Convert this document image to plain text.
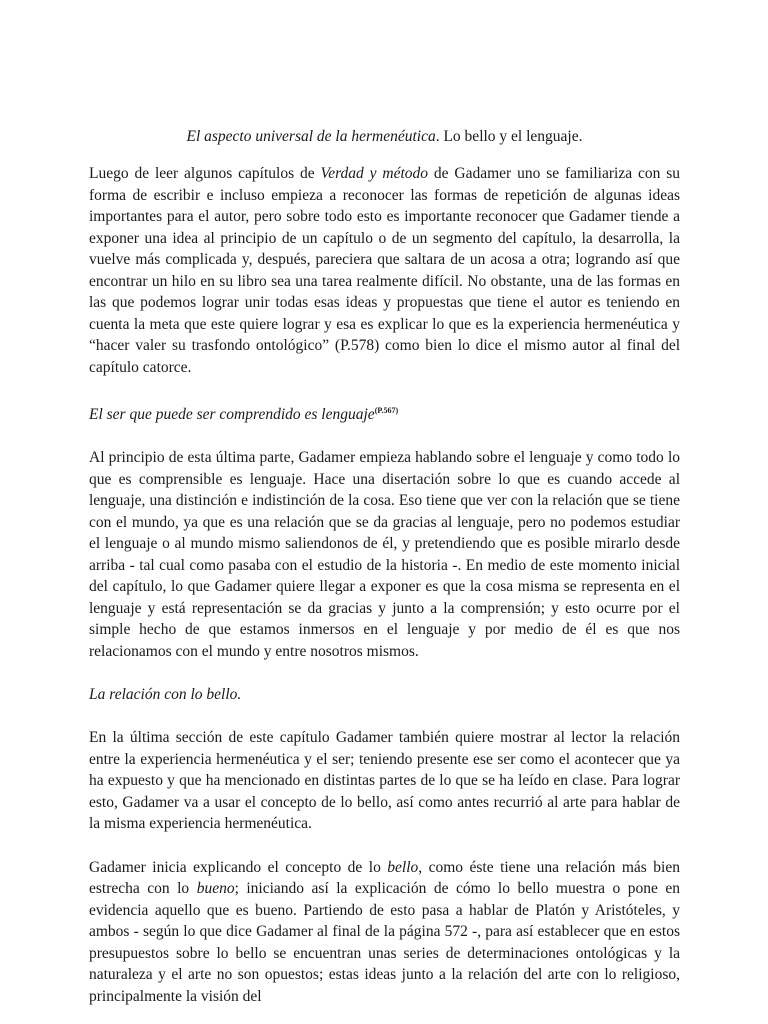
El aspecto universal de la hermenéutica. Lo bello y el lenguaje.

Luego de leer algunos capítulos de Verdad y método de Gadamer uno se familiariza con su forma de escribir e incluso empieza a reconocer las formas de repetición de algunas ideas importantes para el autor, pero sobre todo esto es importante reconocer que Gadamer tiende a exponer una idea al principio de un capítulo o de un segmento del capítulo, la desarrolla, la vuelve más complicada y, después, pareciera que saltara de un acosa a otra; logrando así que encontrar un hilo en su libro sea una tarea realmente difícil. No obstante, una de las formas en las que podemos lograr unir todas esas ideas y propuestas que tiene el autor es teniendo en cuenta la meta que este quiere lograr y esa es explicar lo que es la experiencia hermenéutica y “hacer valer su trasfondo ontológico” (P.578) como bien lo dice el mismo autor al final del capítulo catorce.

El ser que puede ser comprendido es lenguaje$^{(P.567)}$

Al principio de esta última parte, Gadamer empieza hablando sobre el lenguaje y como todo lo que es comprensible es lenguaje. Hace una disertación sobre lo que es cuando accede al lenguaje, una distinción e indistinción de la cosa. Eso tiene que ver con la relación que se tiene con el mundo, ya que es una relación que se da gracias al lenguaje, pero no podemos estudiar el lenguaje o al mundo mismo saliendonos de él, y pretendiendo que es posible mirarlo desde arriba - tal cual como pasaba con el estudio de la historia -. En medio de este momento inicial del capítulo, lo que Gadamer quiere llegar a exponer es que la cosa misma se representa en el lenguaje y está representación se da gracias y junto a la comprensión; y esto ocurre por el simple hecho de que estamos inmersos en el lenguaje y por medio de él es que nos relacionamos con el mundo y entre nosotros mismos.

La relación con lo bello.

En la última sección de este capítulo Gadamer también quiere mostrar al lector la relación entre la experiencia hermenéutica y el ser; teniendo presente ese ser como el acontecer que ya ha expuesto y que ha mencionado en distintas partes de lo que se ha leído en clase. Para lograr esto, Gadamer va a usar el concepto de lo bello, así como antes recurrió al arte para hablar de la misma experiencia hermenéutica.

Gadamer inicia explicando el concepto de lo bello, como éste tiene una relación más bien estrecha con lo bueno; iniciando así la explicación de cómo lo bello muestra o pone en evidencia aquello que es bueno. Partiendo de esto pasa a hablar de Platón y Aristóteles, y ambos - según lo que dice Gadamer al final de la página 572 -, para así establecer que en estos presupuestos sobre lo bello se encuentran unas series de determinaciones ontológicas y la naturaleza y el arte no son opuestos; estas ideas junto a la relación del arte con lo religioso, principalmente la visión del
